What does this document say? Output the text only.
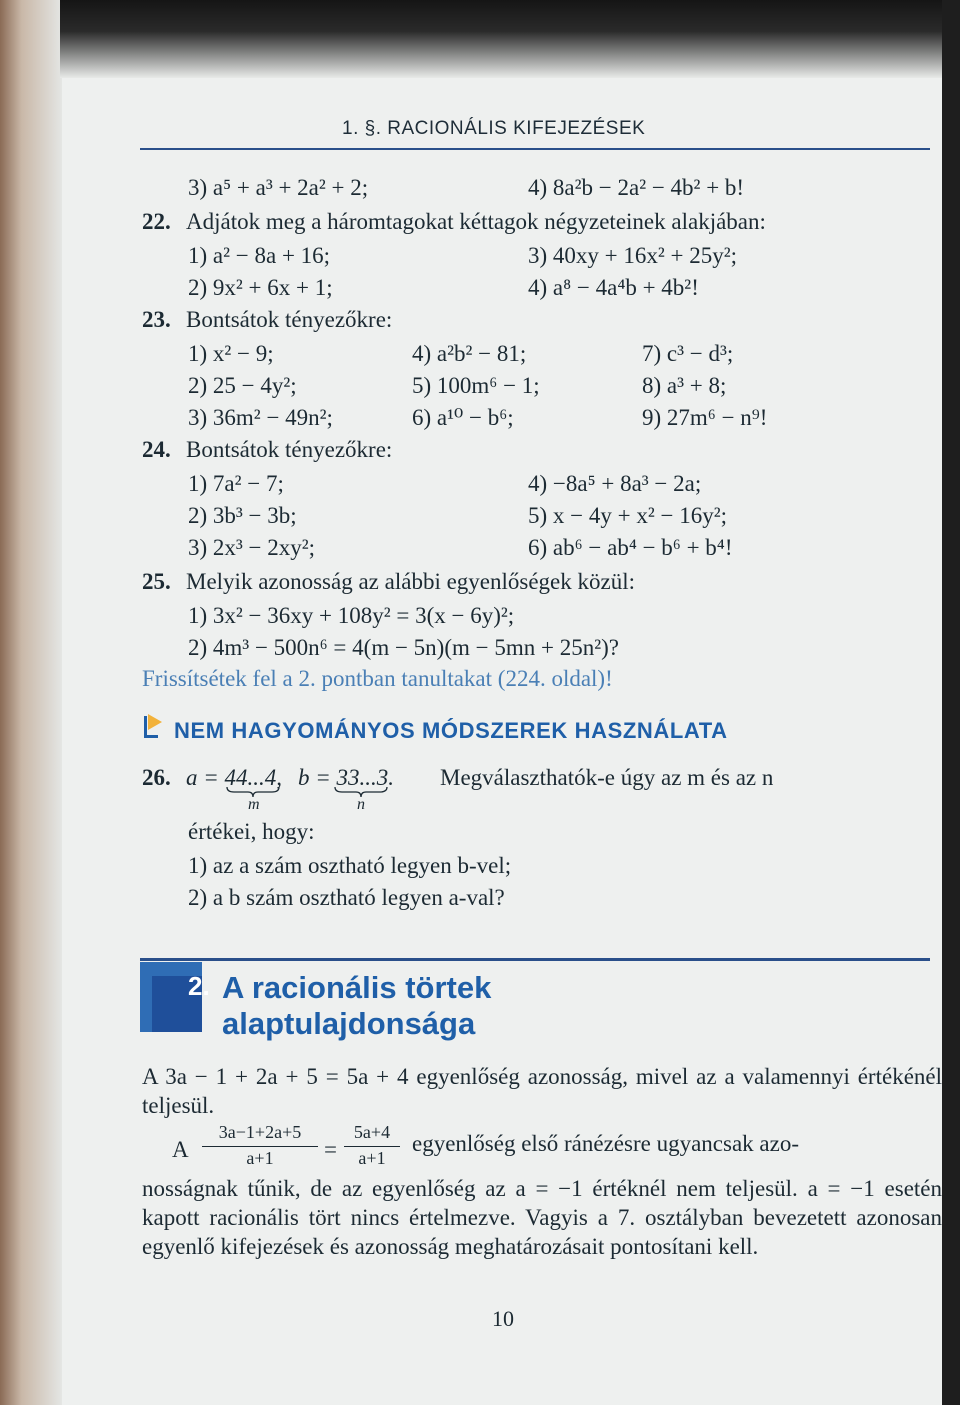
1. §. RACIONÁLIS KIFEJEZÉSEK
3) a⁵ + a³ + 2a² + 2;	4) 8a²b − 2a² − 4b² + b!
22. Adjátok meg a háromtagokat kéttagok négyzeteinek alakjában:
1) a² − 8a + 16;	3) 40xy + 16x² + 25y²;
2) 9x² + 6x + 1;	4) a⁸ − 4a⁴b + 4b²!
23. Bontsátok tényezőkre:
1) x² − 9;	4) a²b² − 81;	7) c³ − d³;
2) 25 − 4y²;	5) 100m⁶ − 1;	8) a³ + 8;
3) 36m² − 49n²;	6) a¹⁰ − b⁶;	9) 27m⁶ − n⁹!
24. Bontsátok tényezőkre:
1) 7a² − 7;	4) −8a⁵ + 8a³ − 2a;
2) 3b³ − 3b;	5) x − 4y + x² − 16y²;
3) 2x³ − 2xy²;	6) ab⁶ − ab⁴ − b⁶ + b⁴!
25. Melyik azonosság az alábbi egyenlőségek közül:
1) 3x² − 36xy + 108y² = 3(x − 6y)²;
2) 4m³ − 500n⁶ = 4(m − 5n)(m − 5mn + 25n²)?
Frissítsétek fel a 2. pontban tanultakat (224. oldal)!
NEM HAGYOMÁNYOS MÓDSZEREK HASZNÁLATA
26. a = 44...4, b = 33...3.
m	n
Megválaszthatók-e úgy az m és az n
értékei, hogy:
1) az a szám osztható legyen b-vel;
2) a b szám osztható legyen a-val?
2. A racionális törtek
alaptulajdonsága
A 3a − 1 + 2a + 5 = 5a + 4 egyenlőség azonosság, mivel az a valamennyi értékénél teljesül.
A
3a−1+2a+5
a+1	=
5a+4
a+1
egyenlőség első ránézésre ugyancsak azo-
nosságnak tűnik, de az egyenlőség az a = −1 értéknél nem teljesül. a = −1 esetén kapott racionális tört nincs értelmezve. Vagyis a 7. osztályban bevezetett azonosan egyenlő kifejezések és azonosság meghatározásait pontosítani kell.
10
